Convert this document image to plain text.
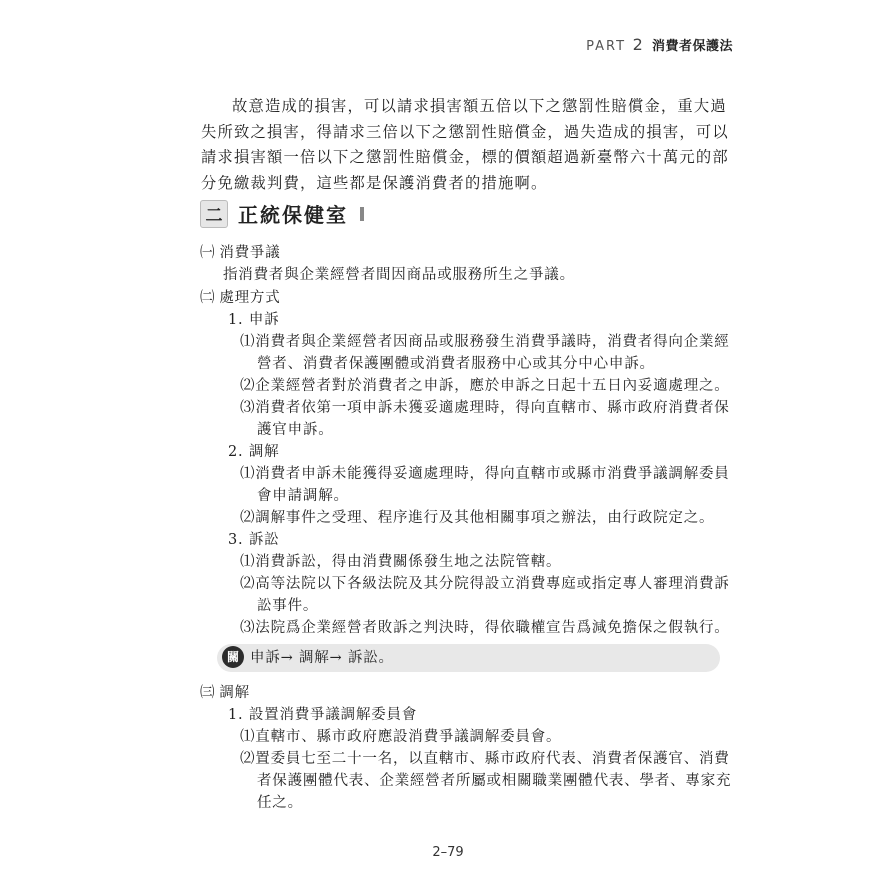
PART 2 消費者保護法

故意造成的損害，可以請求損害額五倍以下之懲罰性賠償金，重大過失所致之損害，得請求三倍以下之懲罰性賠償金，過失造成的損害，可以請求損害額一倍以下之懲罰性賠償金，標的價額超過新臺幣六十萬元的部分免繳裁判費，這些都是保護消費者的措施啊。

二 正統保健室
㈠ 消費爭議
指消費者與企業經營者間因商品或服務所生之爭議。
㈡ 處理方式
1. 申訴
⑴消費者與企業經營者因商品或服務發生消費爭議時，消費者得向企業經
營者、消費者保護團體或消費者服務中心或其分中心申訴。
⑵企業經營者對於消費者之申訴，應於申訴之日起十五日內妥適處理之。
⑶消費者依第一項申訴未獲妥適處理時，得向直轄市、縣市政府消費者保
護官申訴。
2. 調解
⑴消費者申訴未能獲得妥適處理時，得向直轄市或縣市消費爭議調解委員
會申請調解。
⑵調解事件之受理、程序進行及其他相關事項之辦法，由行政院定之。
3. 訴訟
⑴消費訴訟，得由消費關係發生地之法院管轄。
⑵高等法院以下各級法院及其分院得設立消費專庭或指定專人審理消費訴
訟事件。
⑶法院爲企業經營者敗訴之判決時，得依職權宣告爲減免擔保之假執行。
關 申訴→ 調解→ 訴訟。
㈢ 調解
1. 設置消費爭議調解委員會
⑴直轄市、縣市政府應設消費爭議調解委員會。
⑵置委員七至二十一名，以直轄市、縣市政府代表、消費者保護官、消費
者保護團體代表、企業經營者所屬或相關職業團體代表、學者、專家充
任之。
2–79
